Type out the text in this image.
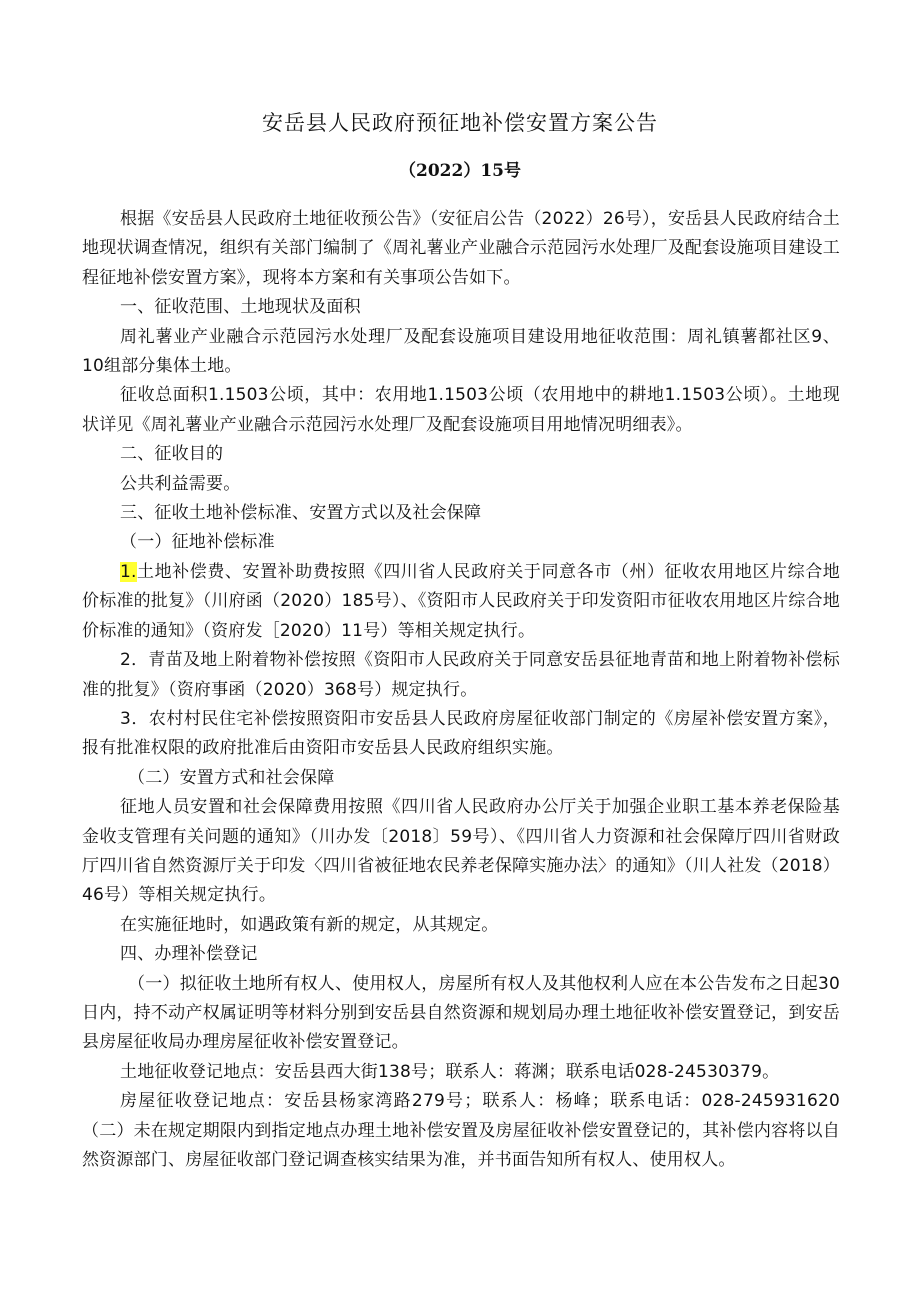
安岳县人民政府预征地补偿安置方案公告
（2022）15号

根据《安岳县人民政府土地征收预公告》（安征启公告（2022）26号），安岳县人民政府结合土地现状调查情况，组织有关部门编制了《周礼薯业产业融合示范园污水处理厂及配套设施项目建设工程征地补偿安置方案》，现将本方案和有关事项公告如下。

一、征收范围、土地现状及面积

周礼薯业产业融合示范园污水处理厂及配套设施项目建设用地征收范围：周礼镇薯都社区9、10组部分集体土地。

征收总面积1.1503公顷，其中：农用地1.1503公顷（农用地中的耕地1.1503公顷）。土地现状详见《周礼薯业产业融合示范园污水处理厂及配套设施项目用地情况明细表》。

二、征收目的

公共利益需要。

三、征收土地补偿标准、安置方式以及社会保障

（一）征地补偿标准

1.土地补偿费、安置补助费按照《四川省人民政府关于同意各市（州）征收农用地区片综合地价标准的批复》（川府函（2020）185号）、《资阳市人民政府关于印发资阳市征收农用地区片综合地价标准的通知》（资府发［2020）11号）等相关规定执行。

2．青苗及地上附着物补偿按照《资阳市人民政府关于同意安岳县征地青苗和地上附着物补偿标准的批复》（资府事函（2020）368号）规定执行。

3．农村村民住宅补偿按照资阳市安岳县人民政府房屋征收部门制定的《房屋补偿安置方案》，报有批准权限的政府批准后由资阳市安岳县人民政府组织实施。

（二）安置方式和社会保障

征地人员安置和社会保障费用按照《四川省人民政府办公厅关于加强企业职工基本养老保险基金收支管理有关问题的通知》（川办发〔2018〕59号）、《四川省人力资源和社会保障厅四川省财政厅四川省自然资源厅关于印发〈四川省被征地农民养老保障实施办法〉的通知》（川人社发（2018）46号）等相关规定执行。

在实施征地时，如遇政策有新的规定，从其规定。

四、办理补偿登记

（一）拟征收土地所有权人、使用权人，房屋所有权人及其他权利人应在本公告发布之日起30日内，持不动产权属证明等材料分别到安岳县自然资源和规划局办理土地征收补偿安置登记，到安岳县房屋征收局办理房屋征收补偿安置登记。

土地征收登记地点：安岳县西大街138号；联系人：蒋渊；联系电话028-24530379。

房屋征收登记地点：安岳县杨家湾路279号；联系人：杨峰；联系电话：028-245931620（二）未在规定期限内到指定地点办理土地补偿安置及房屋征收补偿安置登记的，其补偿内容将以自然资源部门、房屋征收部门登记调查核实结果为准，并书面告知所有权人、使用权人。
